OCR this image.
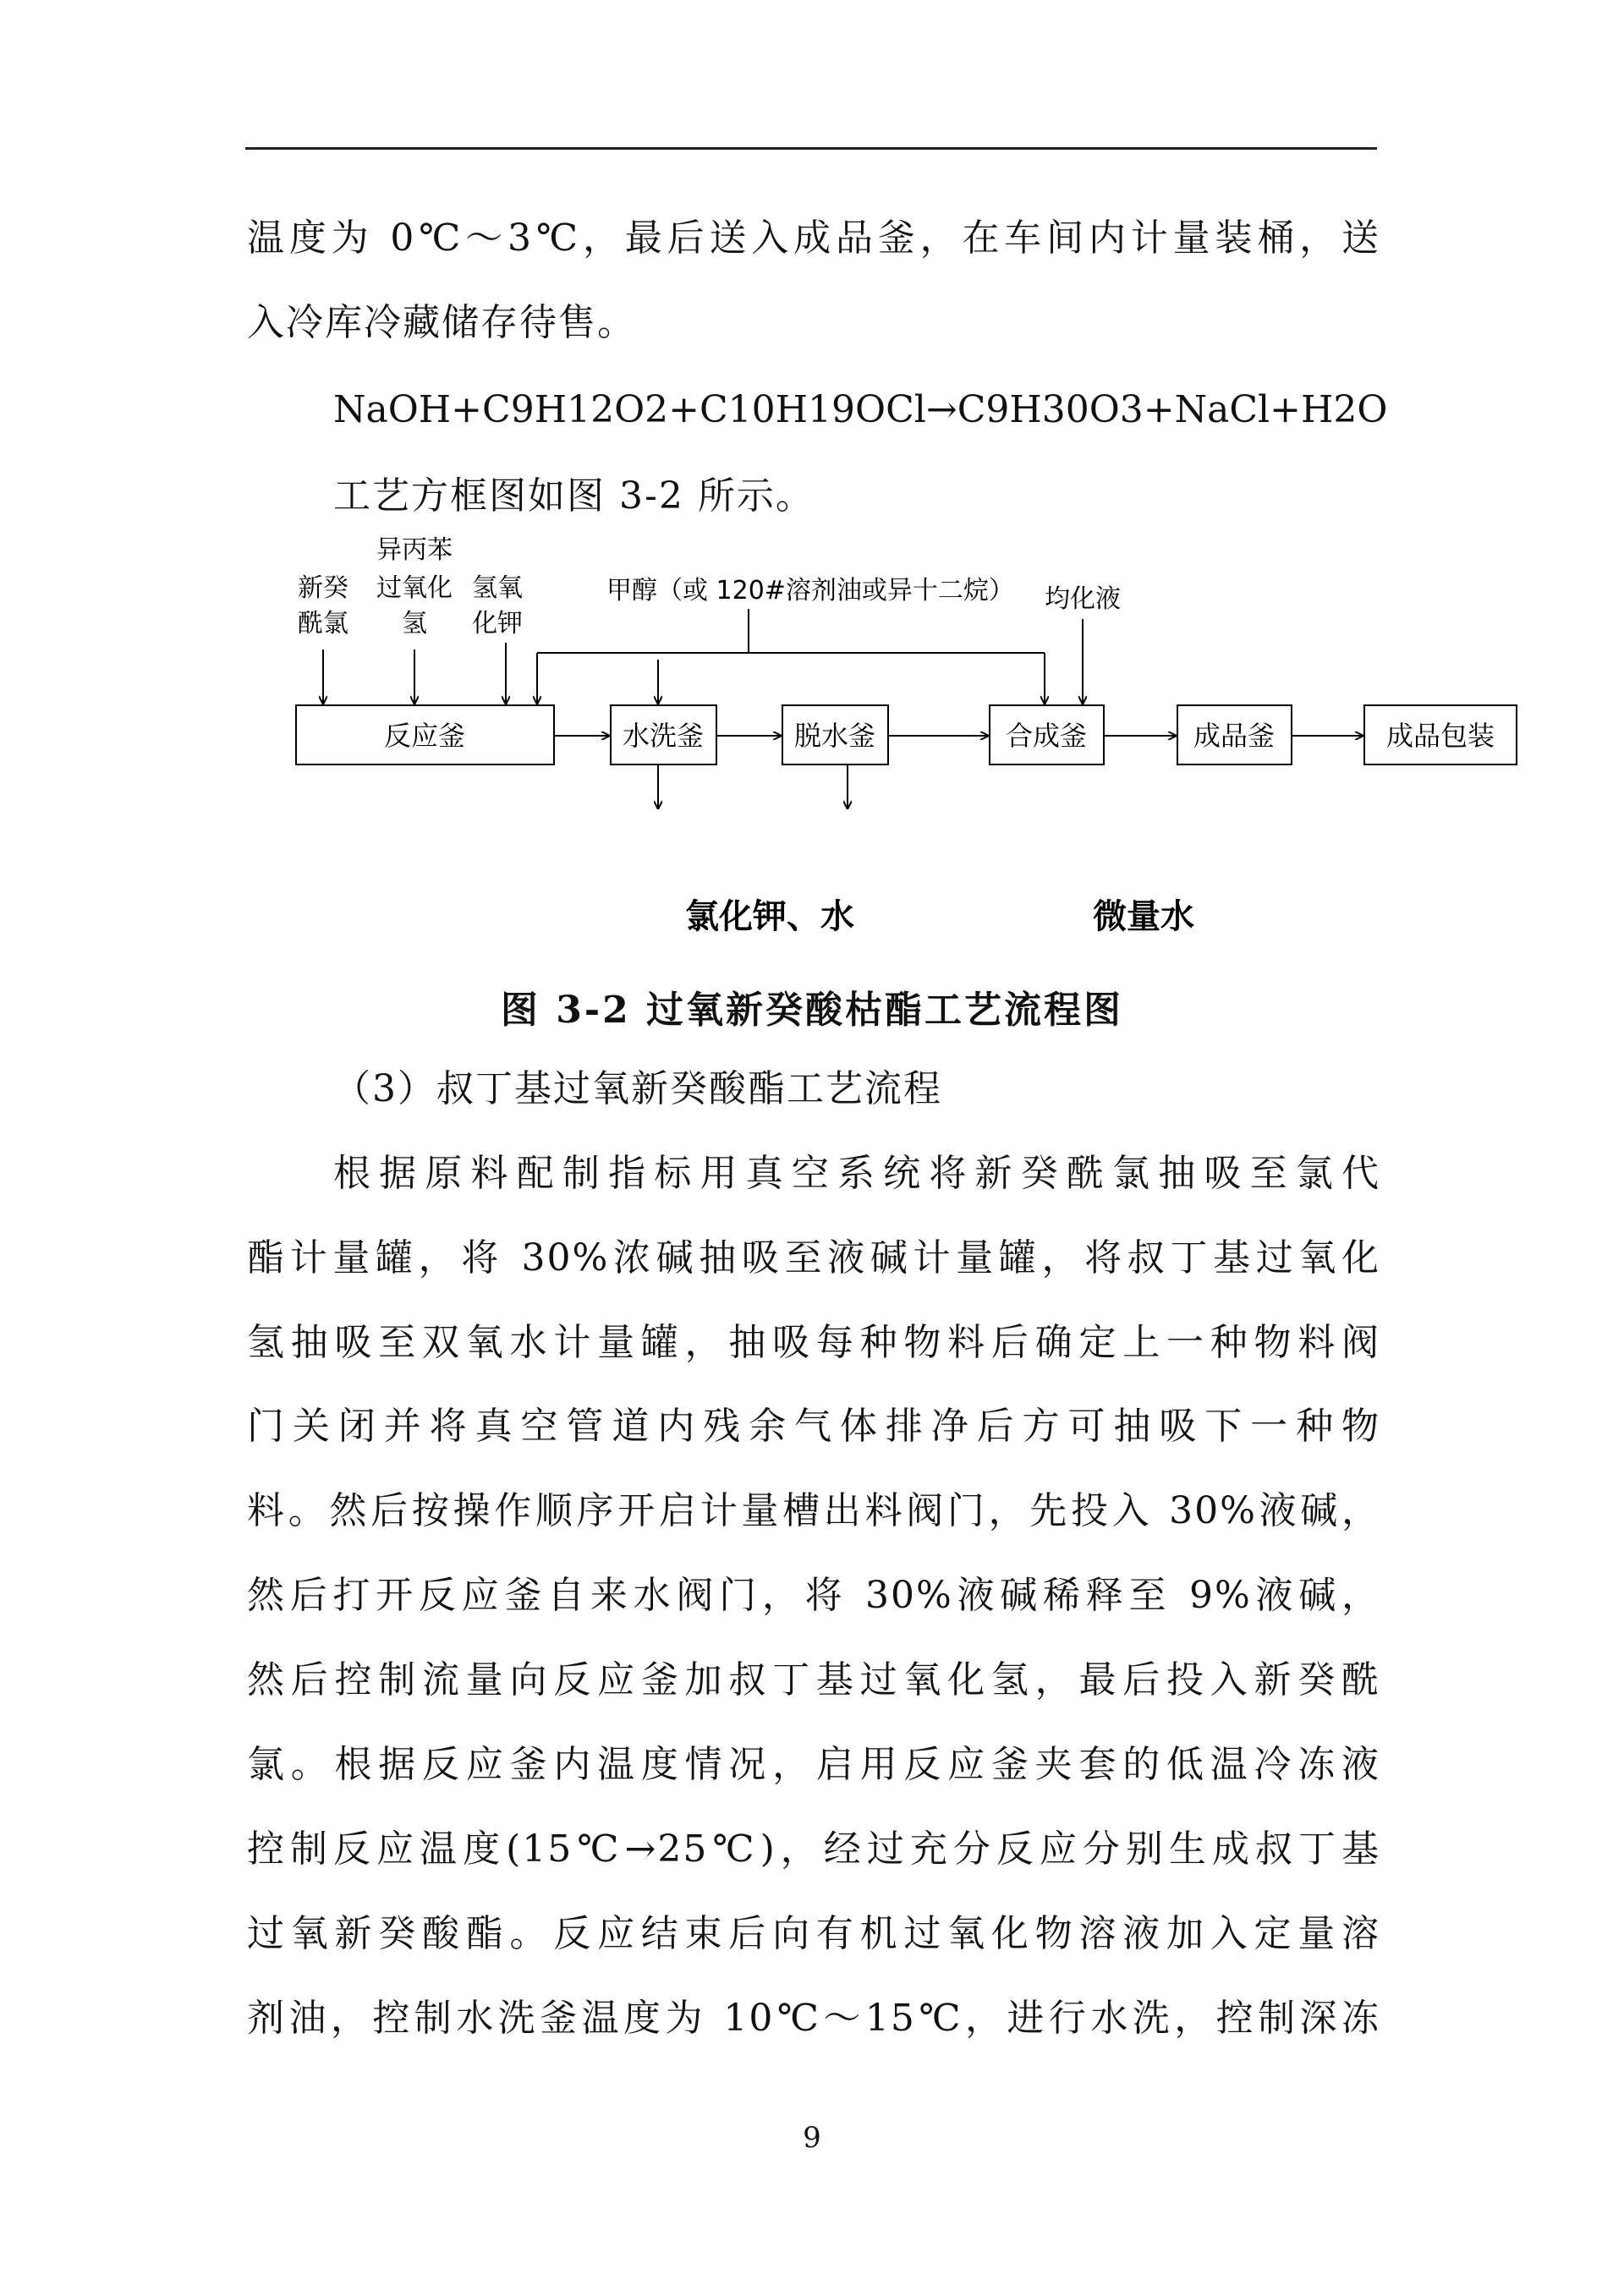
温度为 0℃～3℃，最后送入成品釜，在车间内计量装桶，送
入冷库冷藏储存待售。
NaOH+C9H12O2+C10H19OCl→C9H30O3+NaCl+H2O
工艺方框图如图 3-2 所示。
新癸
酰氯
异丙苯
过氧化
氢
氢氧
化钾
甲醇（或 120#溶剂油或异十二烷） 均化液
反应釜	水洗釜	脱水釜	合成釜	成品釜	成品包装
氯化钾、水	微量水
图 3-2 过氧新癸酸枯酯工艺流程图
（3）叔丁基过氧新癸酸酯工艺流程
根据原料配制指标用真空系统将新癸酰氯抽吸至氯代
酯计量罐，将 30%浓碱抽吸至液碱计量罐，将叔丁基过氧化
氢抽吸至双氧水计量罐，抽吸每种物料后确定上一种物料阀
门关闭并将真空管道内残余气体排净后方可抽吸下一种物
料。然后按操作顺序开启计量槽出料阀门，先投入 30%液碱，
然后打开反应釜自来水阀门，将 30%液碱稀释至 9%液碱，
然后控制流量向反应釜加叔丁基过氧化氢，最后投入新癸酰
氯。根据反应釜内温度情况，启用反应釜夹套的低温冷冻液
控制反应温度(15℃→25℃)，经过充分反应分别生成叔丁基
过氧新癸酸酯。反应结束后向有机过氧化物溶液加入定量溶
剂油，控制水洗釜温度为 10℃～15℃，进行水洗，控制深冻
9
